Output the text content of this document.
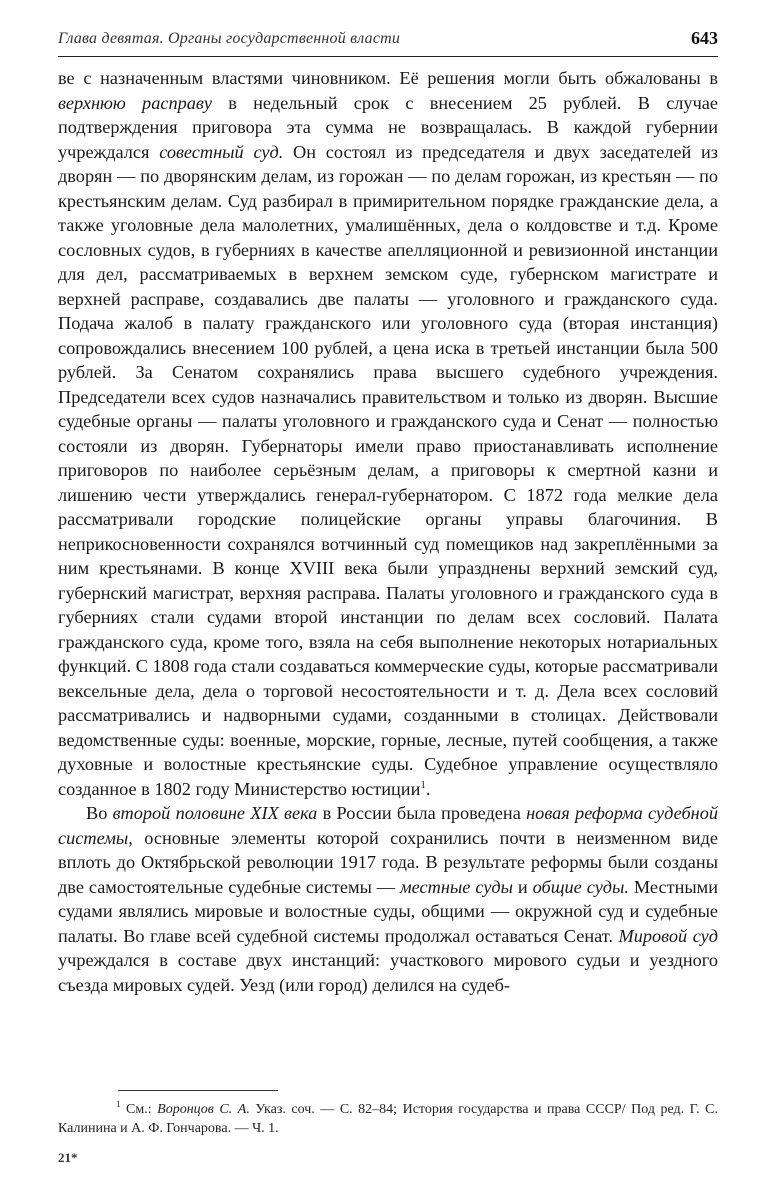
Глава девятая. Органы государственной власти	643

ве с назначенным властями чиновником. Её решения могли быть обжалованы в верхнюю расправу в недельный срок с внесением 25 рублей. В случае подтверждения приговора эта сумма не возвращалась. В каждой губернии учреждался совестный суд. Он состоял из председателя и двух заседателей из дворян — по дворянским делам, из горожан — по делам горожан, из крестьян — по крестьянским делам. Суд разбирал в примирительном порядке гражданские дела, а также уголовные дела малолетних, умалишённых, дела о колдовстве и т.д. Кроме сословных судов, в губерниях в качестве апелляционной и ревизионной инстанции для дел, рассматриваемых в верхнем земском суде, губернском магистрате и верхней расправе, создавались две палаты — уголовного и гражданского суда. Подача жалоб в палату гражданского или уголовного суда (вторая инстанция) сопровождались внесением 100 рублей, а цена иска в третьей инстанции была 500 рублей. За Сенатом сохранялись права высшего судебного учреждения. Председатели всех судов назначались правительством и только из дворян. Высшие судебные органы — палаты уголовного и гражданского суда и Сенат — полностью состояли из дворян. Губернаторы имели право приостанавливать исполнение приговоров по наиболее серьёзным делам, а приговоры к смертной казни и лишению чести утверждались генерал-губернатором. С 1872 года мелкие дела рассматривали городские полицейские органы управы благочиния. В неприкосновенности сохранялся вотчинный суд помещиков над закреплёнными за ним крестьянами. В конце XVIII века были упразднены верхний земский суд, губернский магистрат, верхняя расправа. Палаты уголовного и гражданского суда в губерниях стали судами второй инстанции по делам всех сословий. Палата гражданского суда, кроме того, взяла на себя выполнение некоторых нотариальных функций. С 1808 года стали создаваться коммерческие суды, которые рассматривали вексельные дела, дела о торговой несостоятельности и т. д. Дела всех сословий рассматривались и надворными судами, созданными в столицах. Действовали ведомственные суды: военные, морские, горные, лесные, путей сообщения, а также духовные и волостные крестьянские суды. Судебное управление осуществляло созданное в 1802 году Министерство юстиции$^1$.

Во второй половине XIX века в России была проведена новая реформа судебной системы, основные элементы которой сохранились почти в неизменном виде вплоть до Октябрьской революции 1917 года. В результате реформы были созданы две самостоятельные судебные системы — местные суды и общие суды. Местными судами являлись мировые и волостные суды, общими — окружной суд и судебные палаты. Во главе всей судебной системы продолжал оставаться Сенат. Мировой суд учреждался в составе двух инстанций: участкового мирового судьи и уездного съезда мировых судей. Уезд (или город) делился на судеб-

$^1$ См.: Воронцов С. А. Указ. соч. — С. 82–84; История государства и права СССР/ Под ред. Г. С. Калинина и А. Ф. Гончарова. — Ч. 1.
21*
